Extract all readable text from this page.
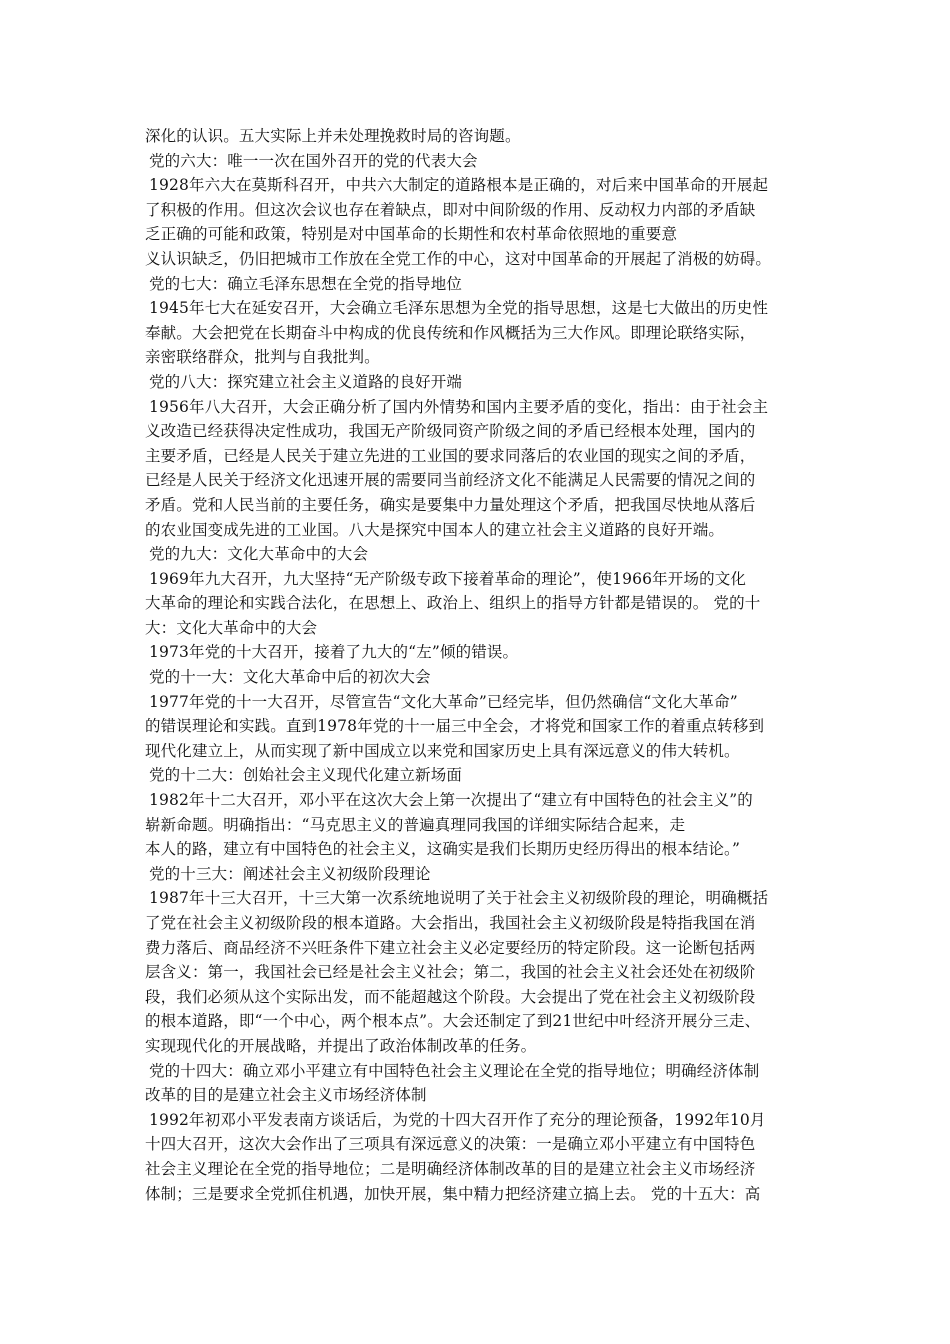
深化的认识。五大实际上并未处理挽救时局的咨询题。
党的六大：唯一一次在国外召开的党的代表大会
1928年六大在莫斯科召开，中共六大制定的道路根本是正确的，对后来中国革命的开展起
了积极的作用。但这次会议也存在着缺点，即对中间阶级的作用、反动权力内部的矛盾缺
乏正确的可能和政策，特别是对中国革命的长期性和农村革命依照地的重要意
义认识缺乏，仍旧把城市工作放在全党工作的中心，这对中国革命的开展起了消极的妨碍。
党的七大：确立毛泽东思想在全党的指导地位
1945年七大在延安召开，大会确立毛泽东思想为全党的指导思想，这是七大做出的历史性
奉献。大会把党在长期奋斗中构成的优良传统和作风概括为三大作风。即理论联络实际，
亲密联络群众，批判与自我批判。
党的八大：探究建立社会主义道路的良好开端
1956年八大召开，大会正确分析了国内外情势和国内主要矛盾的变化，指出：由于社会主
义改造已经获得决定性成功，我国无产阶级同资产阶级之间的矛盾已经根本处理，国内的
主要矛盾，已经是人民关于建立先进的工业国的要求同落后的农业国的现实之间的矛盾，
已经是人民关于经济文化迅速开展的需要同当前经济文化不能满足人民需要的情况之间的
矛盾。党和人民当前的主要任务，确实是要集中力量处理这个矛盾，把我国尽快地从落后
的农业国变成先进的工业国。八大是探究中国本人的建立社会主义道路的良好开端。
党的九大：文化大革命中的大会
1969年九大召开，九大坚持“无产阶级专政下接着革命的理论”，使1966年开场的文化
大革命的理论和实践合法化，在思想上、政治上、组织上的指导方针都是错误的。 党的十
大：文化大革命中的大会
1973年党的十大召开，接着了九大的“左”倾的错误。
党的十一大：文化大革命中后的初次大会
1977年党的十一大召开，尽管宣告“文化大革命”已经完毕，但仍然确信“文化大革命”
的错误理论和实践。直到1978年党的十一届三中全会，才将党和国家工作的着重点转移到
现代化建立上，从而实现了新中国成立以来党和国家历史上具有深远意义的伟大转机。
党的十二大：创始社会主义现代化建立新场面
1982年十二大召开，邓小平在这次大会上第一次提出了“建立有中国特色的社会主义”的
崭新命题。明确指出：“马克思主义的普遍真理同我国的详细实际结合起来，走
本人的路，建立有中国特色的社会主义，这确实是我们长期历史经历得出的根本结论。”
党的十三大：阐述社会主义初级阶段理论
1987年十三大召开，十三大第一次系统地说明了关于社会主义初级阶段的理论，明确概括
了党在社会主义初级阶段的根本道路。大会指出，我国社会主义初级阶段是特指我国在消
费力落后、商品经济不兴旺条件下建立社会主义必定要经历的特定阶段。这一论断包括两
层含义：第一，我国社会已经是社会主义社会；第二，我国的社会主义社会还处在初级阶
段，我们必须从这个实际出发，而不能超越这个阶段。大会提出了党在社会主义初级阶段
的根本道路，即“一个中心，两个根本点”。大会还制定了到21世纪中叶经济开展分三走、
实现现代化的开展战略，并提出了政治体制改革的任务。
党的十四大：确立邓小平建立有中国特色社会主义理论在全党的指导地位；明确经济体制
改革的目的是建立社会主义市场经济体制
1992年初邓小平发表南方谈话后，为党的十四大召开作了充分的理论预备，1992年10月
十四大召开，这次大会作出了三项具有深远意义的决策：一是确立邓小平建立有中国特色
社会主义理论在全党的指导地位；二是明确经济体制改革的目的是建立社会主义市场经济
体制；三是要求全党抓住机遇，加快开展，集中精力把经济建立搞上去。 党的十五大：高
